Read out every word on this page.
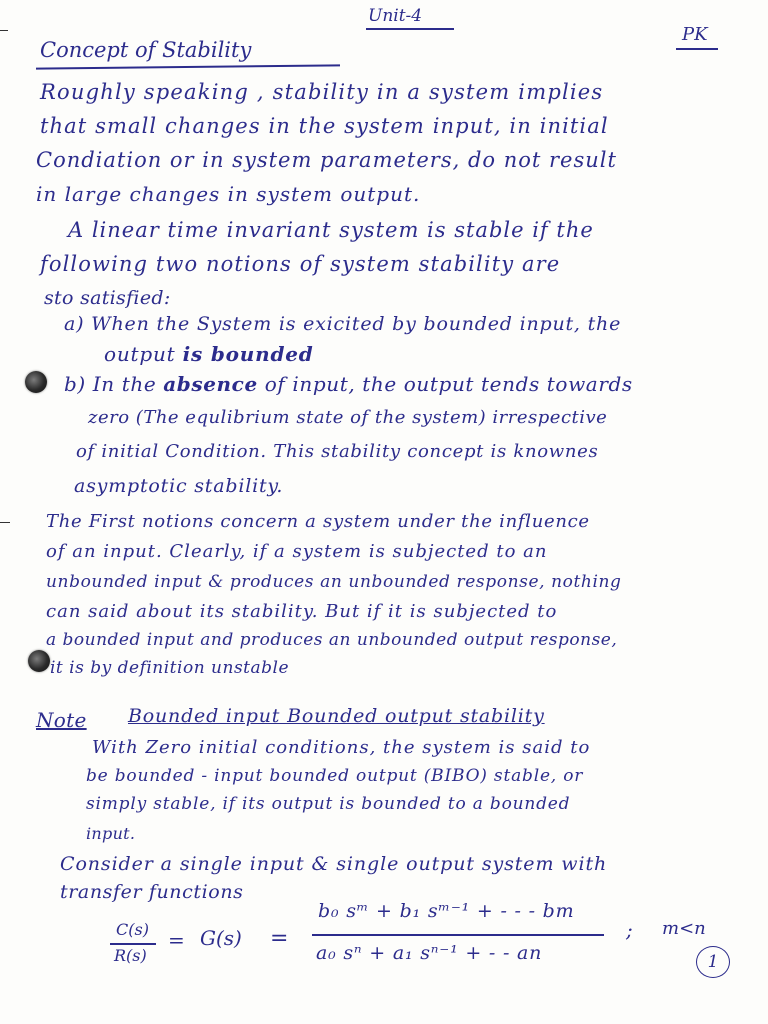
Unit-4
PK
Concept of Stability
Roughly speaking , stability in a system implies
that small changes in the system input, in initial
Condiation or in system parameters, do not result
in large changes in system output.
A linear time invariant system is stable if the
following two notions of system stability are
sto satisfied:
a) When the System is exicited by bounded input, the
output is bounded
b) In the absence of input, the output tends towards
zero (The equlibrium state of the system) irrespective
of initial Condition. This stability concept is knownes
asymptotic stability.
The First notions concern a system under the influence
of an input. Clearly, if a system is subjected to an
unbounded input & produces an unbounded response, nothing
can said about its stability. But if it is subjected to
a bounded input and produces an unbounded output response,
it is by definition unstable
Note Bounded input Bounded output stability
With Zero initial conditions, the system is said to
be bounded - input bounded output (BIBO) stable, or
simply stable, if its output is bounded to a bounded
input.
Consider a single input & single output system with
transfer functions
C(s)
R(s)
= G(s) =
b₀ sᵐ + b₁ sᵐ⁻¹ + - - - bm
a₀ sⁿ + a₁ sⁿ⁻¹ + - - an
; m<n
1
